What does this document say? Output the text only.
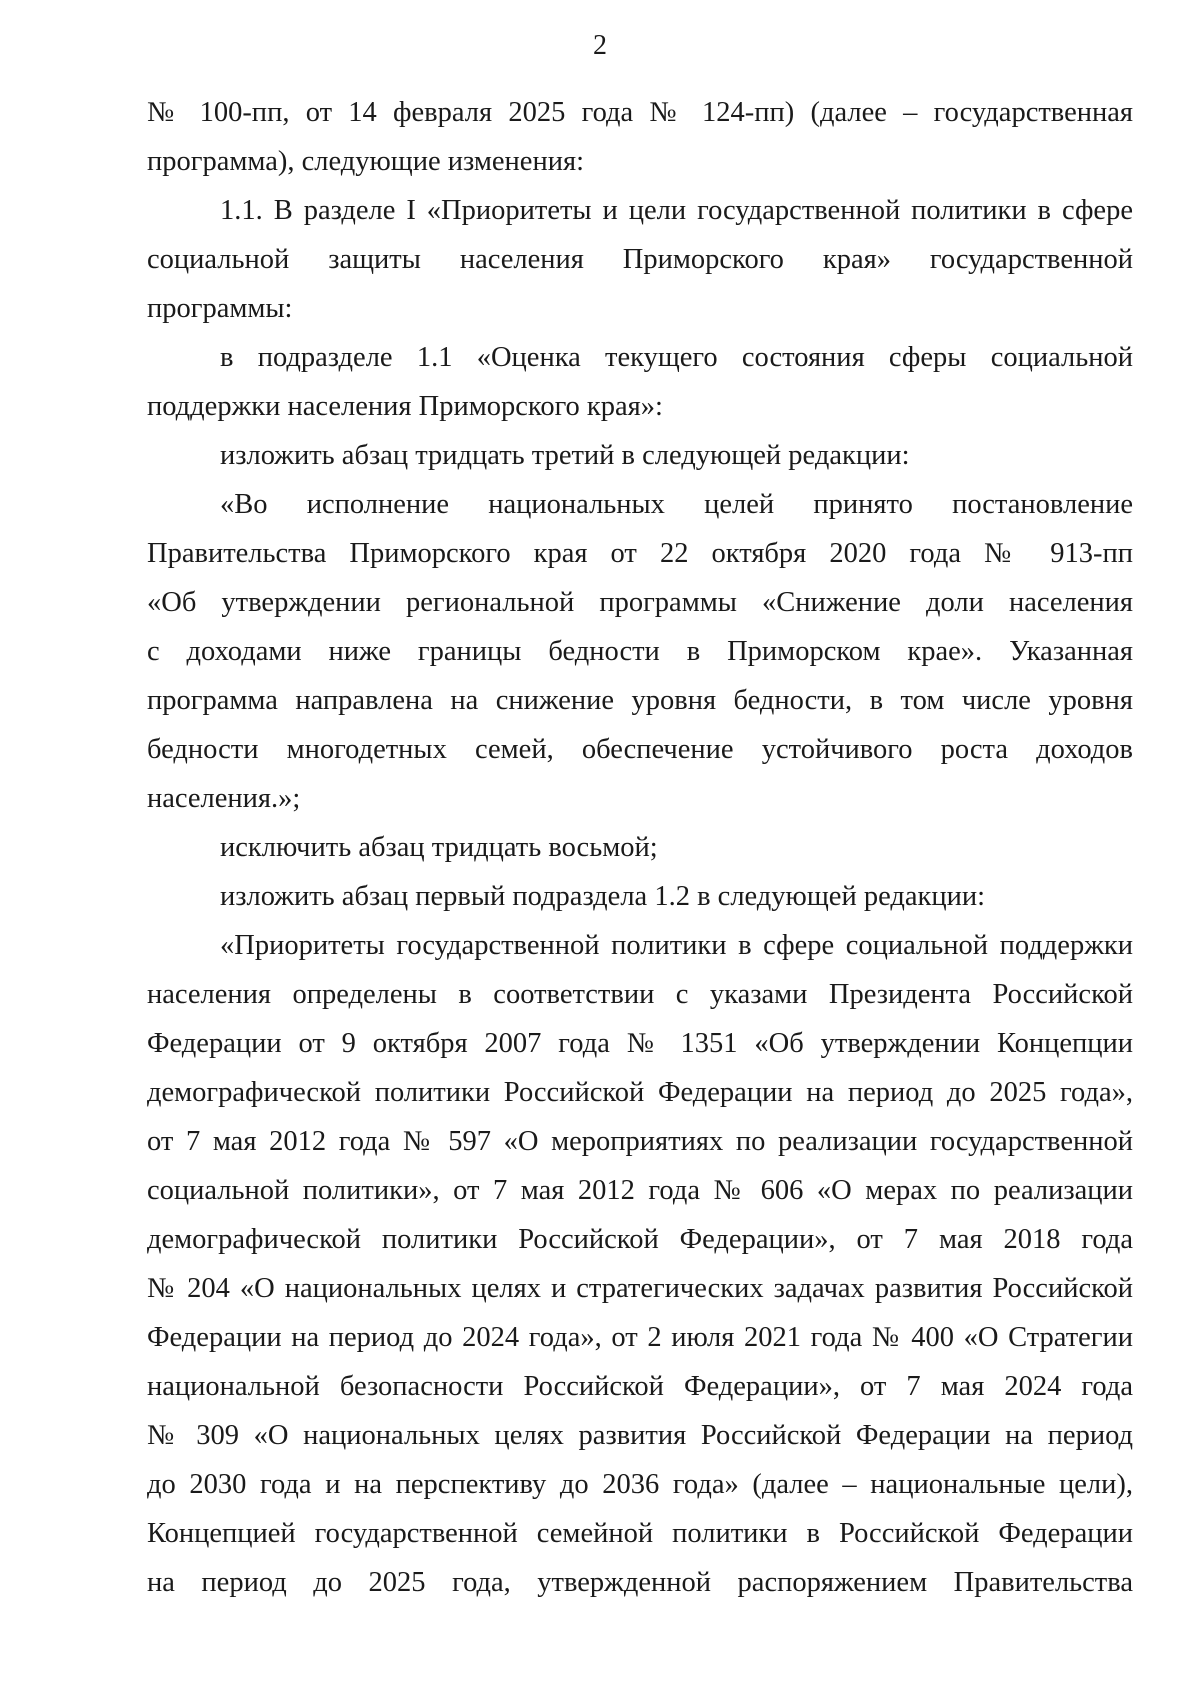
2
№ 100-пп, от 14 февраля 2025 года № 124-пп) (далее – государственная
программа), следующие изменения:
1.1. В разделе I «Приоритеты и цели государственной политики в сфере
социальной защиты населения Приморского края» государственной
программы:
в подразделе 1.1 «Оценка текущего состояния сферы социальной
поддержки населения Приморского края»:
изложить абзац тридцать третий в следующей редакции:
«Во исполнение национальных целей принято постановление
Правительства Приморского края от 22 октября 2020 года № 913-пп
«Об утверждении региональной программы «Снижение доли населения
с доходами ниже границы бедности в Приморском крае». Указанная
программа направлена на снижение уровня бедности, в том числе уровня
бедности многодетных семей, обеспечение устойчивого роста доходов
населения.»;
исключить абзац тридцать восьмой;
изложить абзац первый подраздела 1.2 в следующей редакции:
«Приоритеты государственной политики в сфере социальной поддержки
населения определены в соответствии с указами Президента Российской
Федерации от 9 октября 2007 года № 1351 «Об утверждении Концепции
демографической политики Российской Федерации на период до 2025 года»,
от 7 мая 2012 года № 597 «О мероприятиях по реализации государственной
социальной политики», от 7 мая 2012 года № 606 «О мерах по реализации
демографической политики Российской Федерации», от 7 мая 2018 года
№ 204 «О национальных целях и стратегических задачах развития Российской
Федерации на период до 2024 года», от 2 июля 2021 года № 400 «О Стратегии
национальной безопасности Российской Федерации», от 7 мая 2024 года
№ 309 «О национальных целях развития Российской Федерации на период
до 2030 года и на перспективу до 2036 года» (далее – национальные цели),
Концепцией государственной семейной политики в Российской Федерации
на период до 2025 года, утвержденной распоряжением Правительства
